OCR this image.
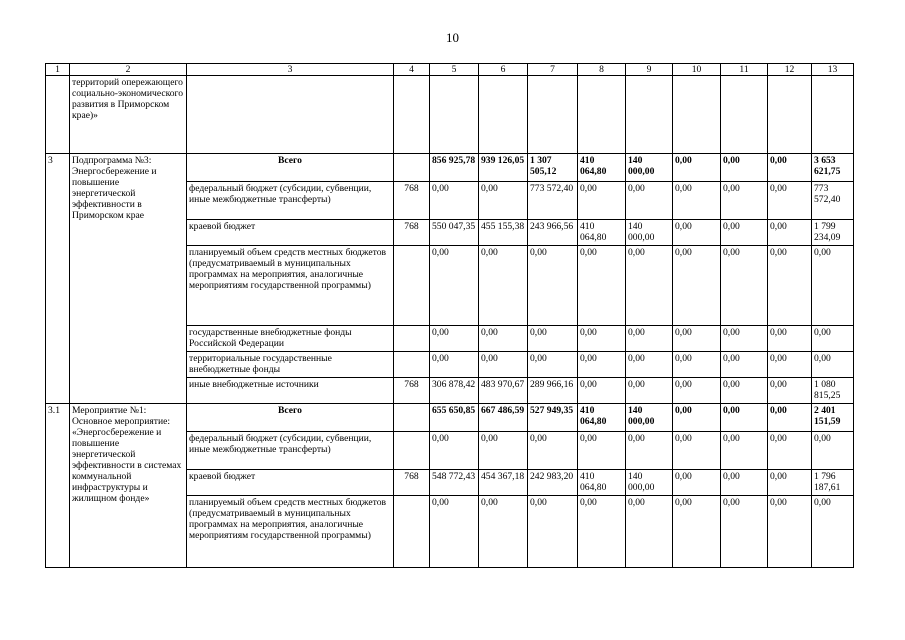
10
1	2	3	4	5	6	7	8	9	10	11	12	13
	территорий опережающего социально-экономического развития в Приморском крае)»											
3	Подпрограмма №3: Энергосбережение и повышение энергетической эффективности в Приморском крае	Всего		856 925,78	939 126,05	1 307 505,12	410 064,80	140 000,00	0,00	0,00	0,00	3 653 621,75
		федеральный бюджет (субсидии, субвенции, иные межбюджетные трансферты)	768	0,00	0,00	773 572,40	0,00	0,00	0,00	0,00	0,00	773 572,40
		краевой бюджет	768	550 047,35	455 155,38	243 966,56	410 064,80	140 000,00	0,00	0,00	0,00	1 799 234,09
		планируемый объем средств местных бюджетов (предусматриваемый в муниципальных программах на мероприятия, аналогичные мероприятиям государственной программы)		0,00	0,00	0,00	0,00	0,00	0,00	0,00	0,00	0,00
		государственные внебюджетные фонды Российской Федерации		0,00	0,00	0,00	0,00	0,00	0,00	0,00	0,00	0,00
		территориальные государственные внебюджетные фонды		0,00	0,00	0,00	0,00	0,00	0,00	0,00	0,00	0,00
		иные внебюджетные источники	768	306 878,42	483 970,67	289 966,16	0,00	0,00	0,00	0,00	0,00	1 080 815,25
3.1	Мероприятие №1: Основное мероприятие: «Энергосбережение и повышение энергетической эффективности в системах коммунальной инфраструктуры и жилищном фонде»	Всего		655 650,85	667 486,59	527 949,35	410 064,80	140 000,00	0,00	0,00	0,00	2 401 151,59
		федеральный бюджет (субсидии, субвенции, иные межбюджетные трансферты)		0,00	0,00	0,00	0,00	0,00	0,00	0,00	0,00	0,00
		краевой бюджет	768	548 772,43	454 367,18	242 983,20	410 064,80	140 000,00	0,00	0,00	0,00	1 796 187,61
		планируемый объем средств местных бюджетов (предусматриваемый в муниципальных программах на мероприятия, аналогичные мероприятиям государственной программы)		0,00	0,00	0,00	0,00	0,00	0,00	0,00	0,00	0,00
